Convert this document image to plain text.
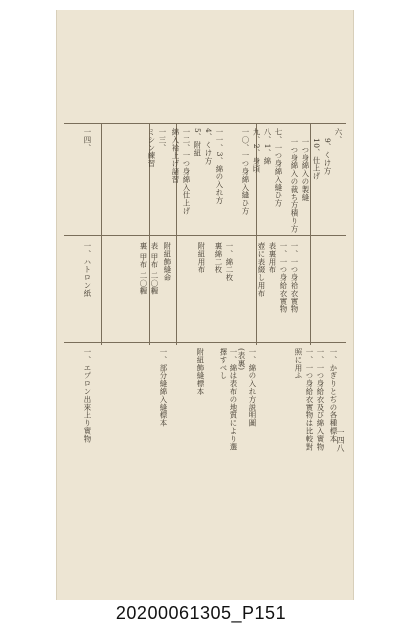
六、
9、くけ方
10、仕上げ
一つ身綿入の製縫
一つ身綿入の裁ち方積り方
七、一つ身綿入縫ひ方
八、1、綿
九、2、身頃
一〇、一つ身綿入縫ひ方
一一、3、綿の入れ方
4、くけ方
5、附紐
一二、一つ身綿入仕上げ
綿入袷上げ諸習
一三、
ミシン練習
一四、
一、一つ身袷衣實物
一、一つ身給衣實物
表裏用布
壺に表綴し用布
一、綿二枚
裏綿二枚
附紐用布
附紐飾縫命
表 甲布 二〇糎
裏 甲布 二〇糎
一、ハトロン紙
一、かぎりとぢの各種標本
一、一つ身給衣及び綿入實物
一、一つ身給衣實物は比較對
照に用ふ
一、綿の入れ方説明圖
(表裏)
一、綿は表布の地質により選
擇すべし
附紐飾縫標本
一、部分縫綿入縫標本
一、エプロン出來上り實物	一四八
20200061305_P151
